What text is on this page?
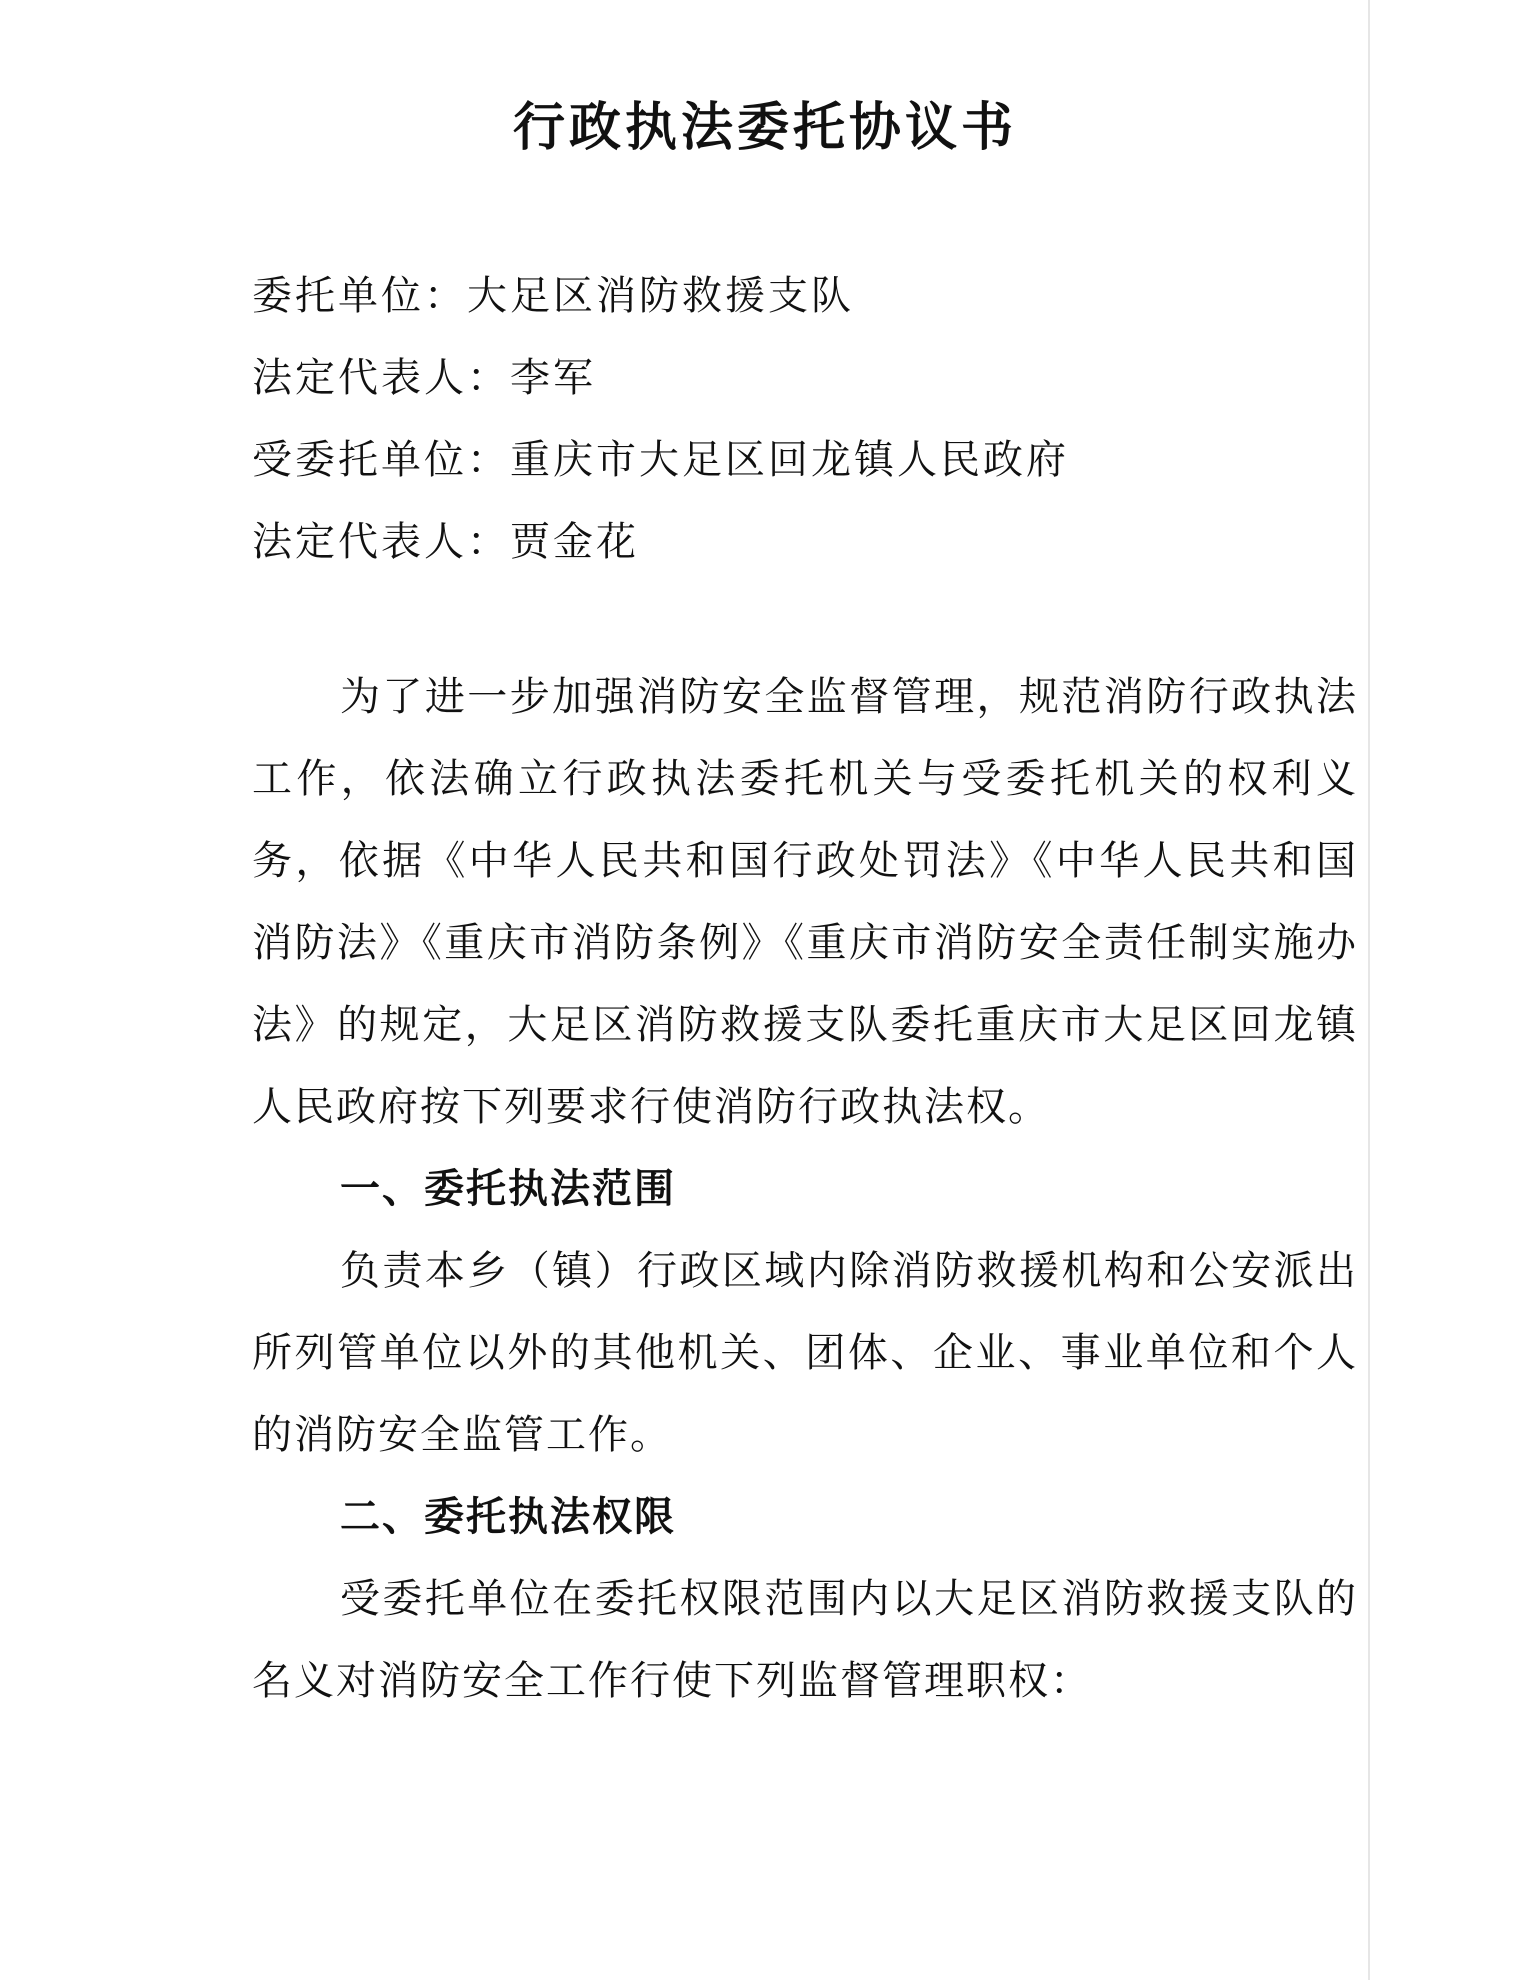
行政执法委托协议书
委托单位：大足区消防救援支队
法定代表人：李军
受委托单位：重庆市大足区回龙镇人民政府
法定代表人：贾金花

为了进一步加强消防安全监督管理，规范消防行政执法工作，依法确立行政执法委托机关与受委托机关的权利义务，依据《中华人民共和国行政处罚法》《中华人民共和国消防法》《重庆市消防条例》《重庆市消防安全责任制实施办法》的规定，大足区消防救援支队委托重庆市大足区回龙镇人民政府按下列要求行使消防行政执法权。

一、委托执法范围

负责本乡（镇）行政区域内除消防救援机构和公安派出所列管单位以外的其他机关、团体、企业、事业单位和个人的消防安全监管工作。

二、委托执法权限

受委托单位在委托权限范围内以大足区消防救援支队的名义对消防安全工作行使下列监督管理职权：
